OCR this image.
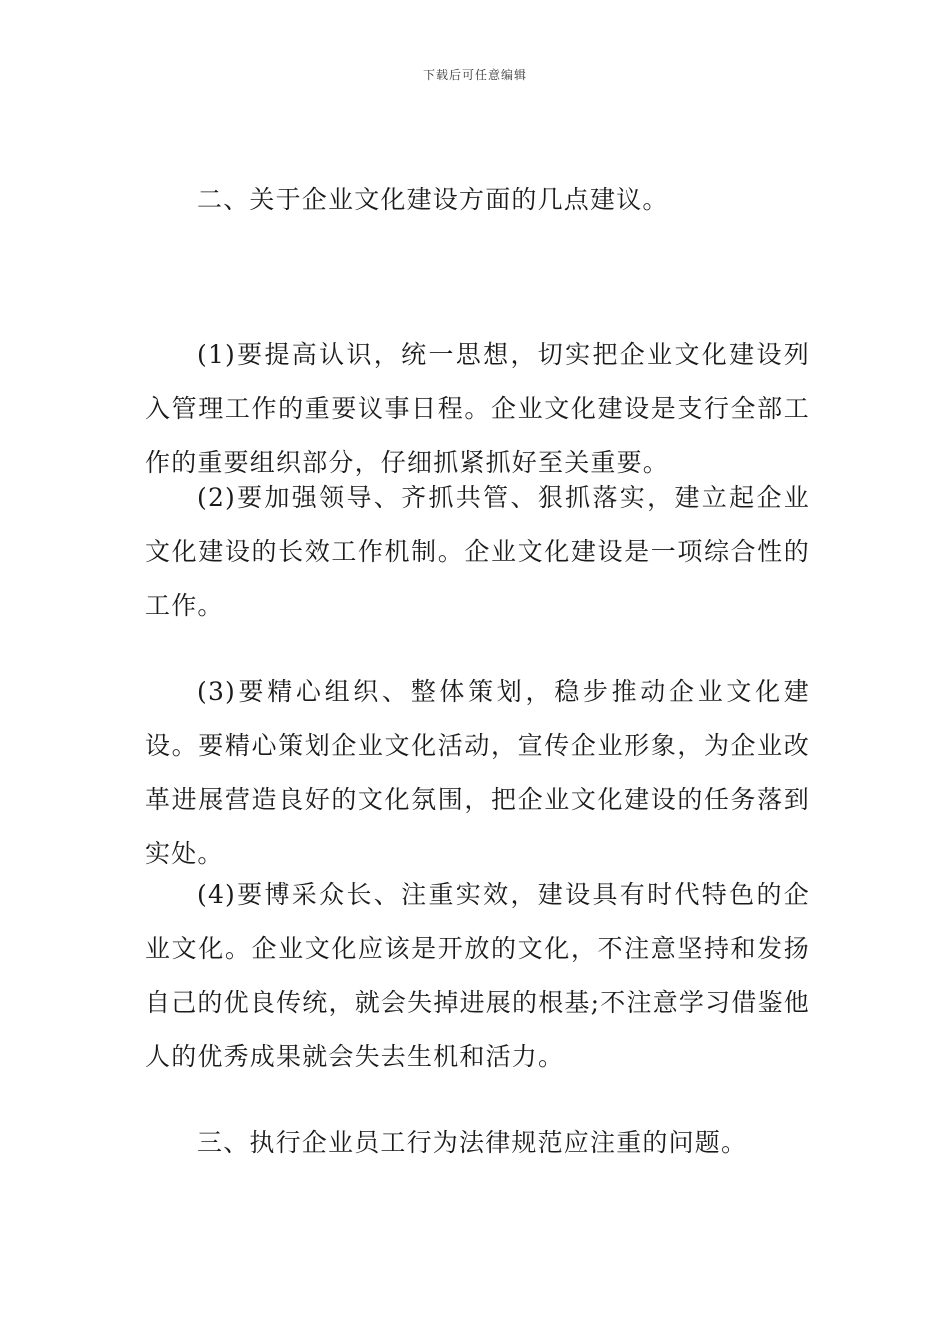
下载后可任意编辑

二、关于企业文化建设方面的几点建议。

(1)要提高认识，统一思想，切实把企业文化建设列入管理工作的重要议事日程。企业文化建设是支行全部工作的重要组织部分，仔细抓紧抓好至关重要。

(2)要加强领导、齐抓共管、狠抓落实，建立起企业文化建设的长效工作机制。企业文化建设是一项综合性的工作。

(3)要精心组织、整体策划，稳步推动企业文化建设。要精心策划企业文化活动，宣传企业形象，为企业改革进展营造良好的文化氛围，把企业文化建设的任务落到实处。

(4)要博采众长、注重实效，建设具有时代特色的企业文化。企业文化应该是开放的文化，不注意坚持和发扬自己的优良传统，就会失掉进展的根基;不注意学习借鉴他人的优秀成果就会失去生机和活力。

三、执行企业员工行为法律规范应注重的问题。
